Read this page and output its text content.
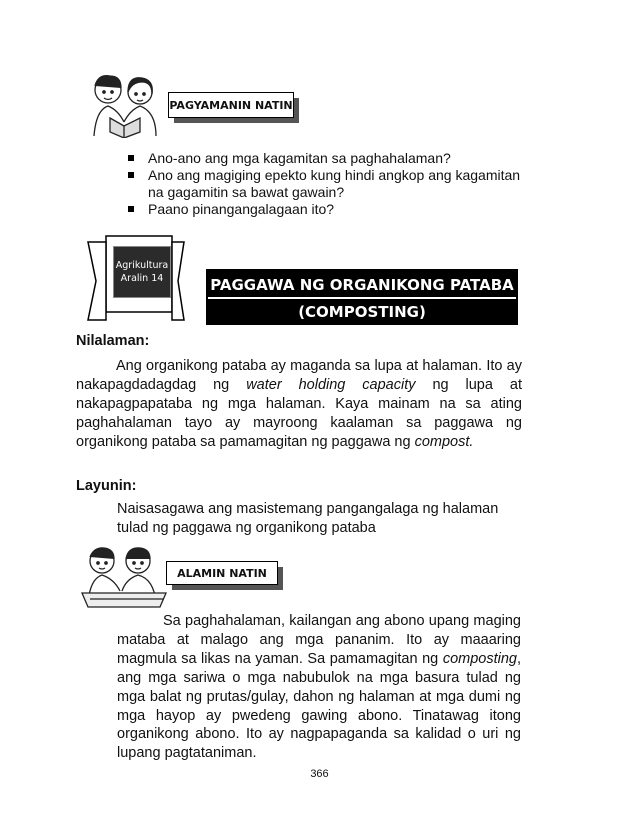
PAGYAMANIN NATIN
Ano-ano ang mga kagamitan sa paghahalaman?
Ano ang magiging epekto kung hindi angkop ang kagamitan na gagamitin sa bawat gawain?
Paano pinangangalagaan ito?
Agrikultura
Aralin 14	PAGGAWA NG ORGANIKONG PATABA
(COMPOSTING)
Nilalaman:
Ang organikong pataba ay maganda sa lupa at halaman. Ito ay nakapagdadagdag ng water holding capacity ng lupa at nakapagpapataba ng mga halaman. Kaya mainam na sa ating paghahalaman tayo ay mayroong kaalaman sa paggawa ng organikong pataba sa pamamagitan ng paggawa ng compost.
Layunin:
Naisasagawa ang masistemang pangangalaga ng halaman tulad ng paggawa ng organikong pataba
ALAMIN NATIN
Sa paghahalaman, kailangan ang abono upang maging mataba at malago ang mga pananim. Ito ay maaaring magmula sa likas na yaman. Sa pamamagitan ng composting, ang mga sariwa o mga nabubulok na mga basura tulad ng mga balat ng prutas/gulay, dahon ng halaman at mga dumi ng mga hayop ay pwedeng gawing abono. Tinatawag itong organikong abono. Ito ay nagpapaganda sa kalidad o uri ng lupang pagtataniman.
366
